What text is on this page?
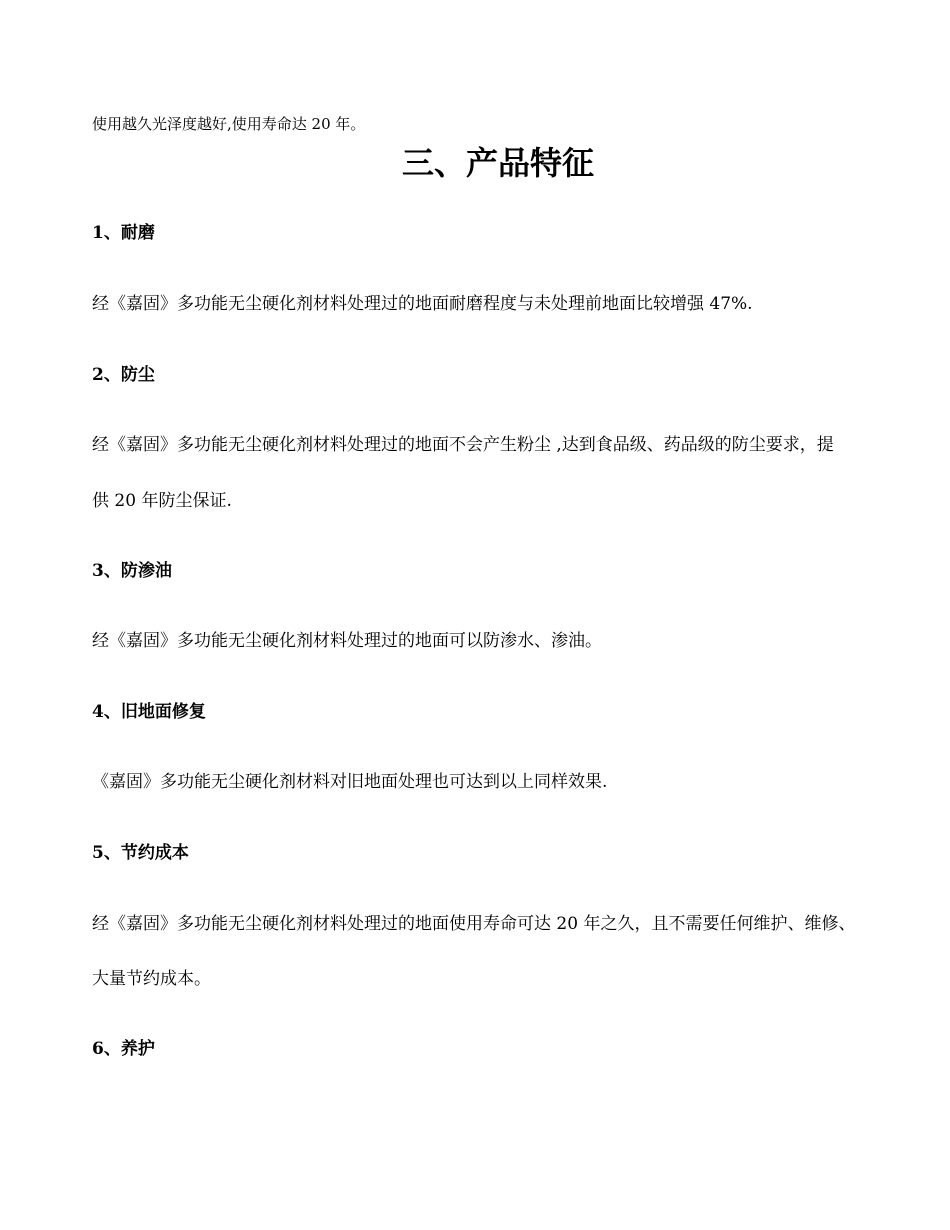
使用越久光泽度越好,使用寿命达 20 年。
三、产品特征
1、耐磨
经《嘉固》多功能无尘硬化剂材料处理过的地面耐磨程度与未处理前地面比较增强 47%.
2、防尘
经《嘉固》多功能无尘硬化剂材料处理过的地面不会产生粉尘 ,达到食品级、药品级的防尘要求，提
供 20 年防尘保证.
3、防渗油
经《嘉固》多功能无尘硬化剂材料处理过的地面可以防渗水、渗油。
4、旧地面修复
《嘉固》多功能无尘硬化剂材料对旧地面处理也可达到以上同样效果.
5、节约成本
经《嘉固》多功能无尘硬化剂材料处理过的地面使用寿命可达 20 年之久，且不需要任何维护、维修、
大量节约成本。
6、养护
